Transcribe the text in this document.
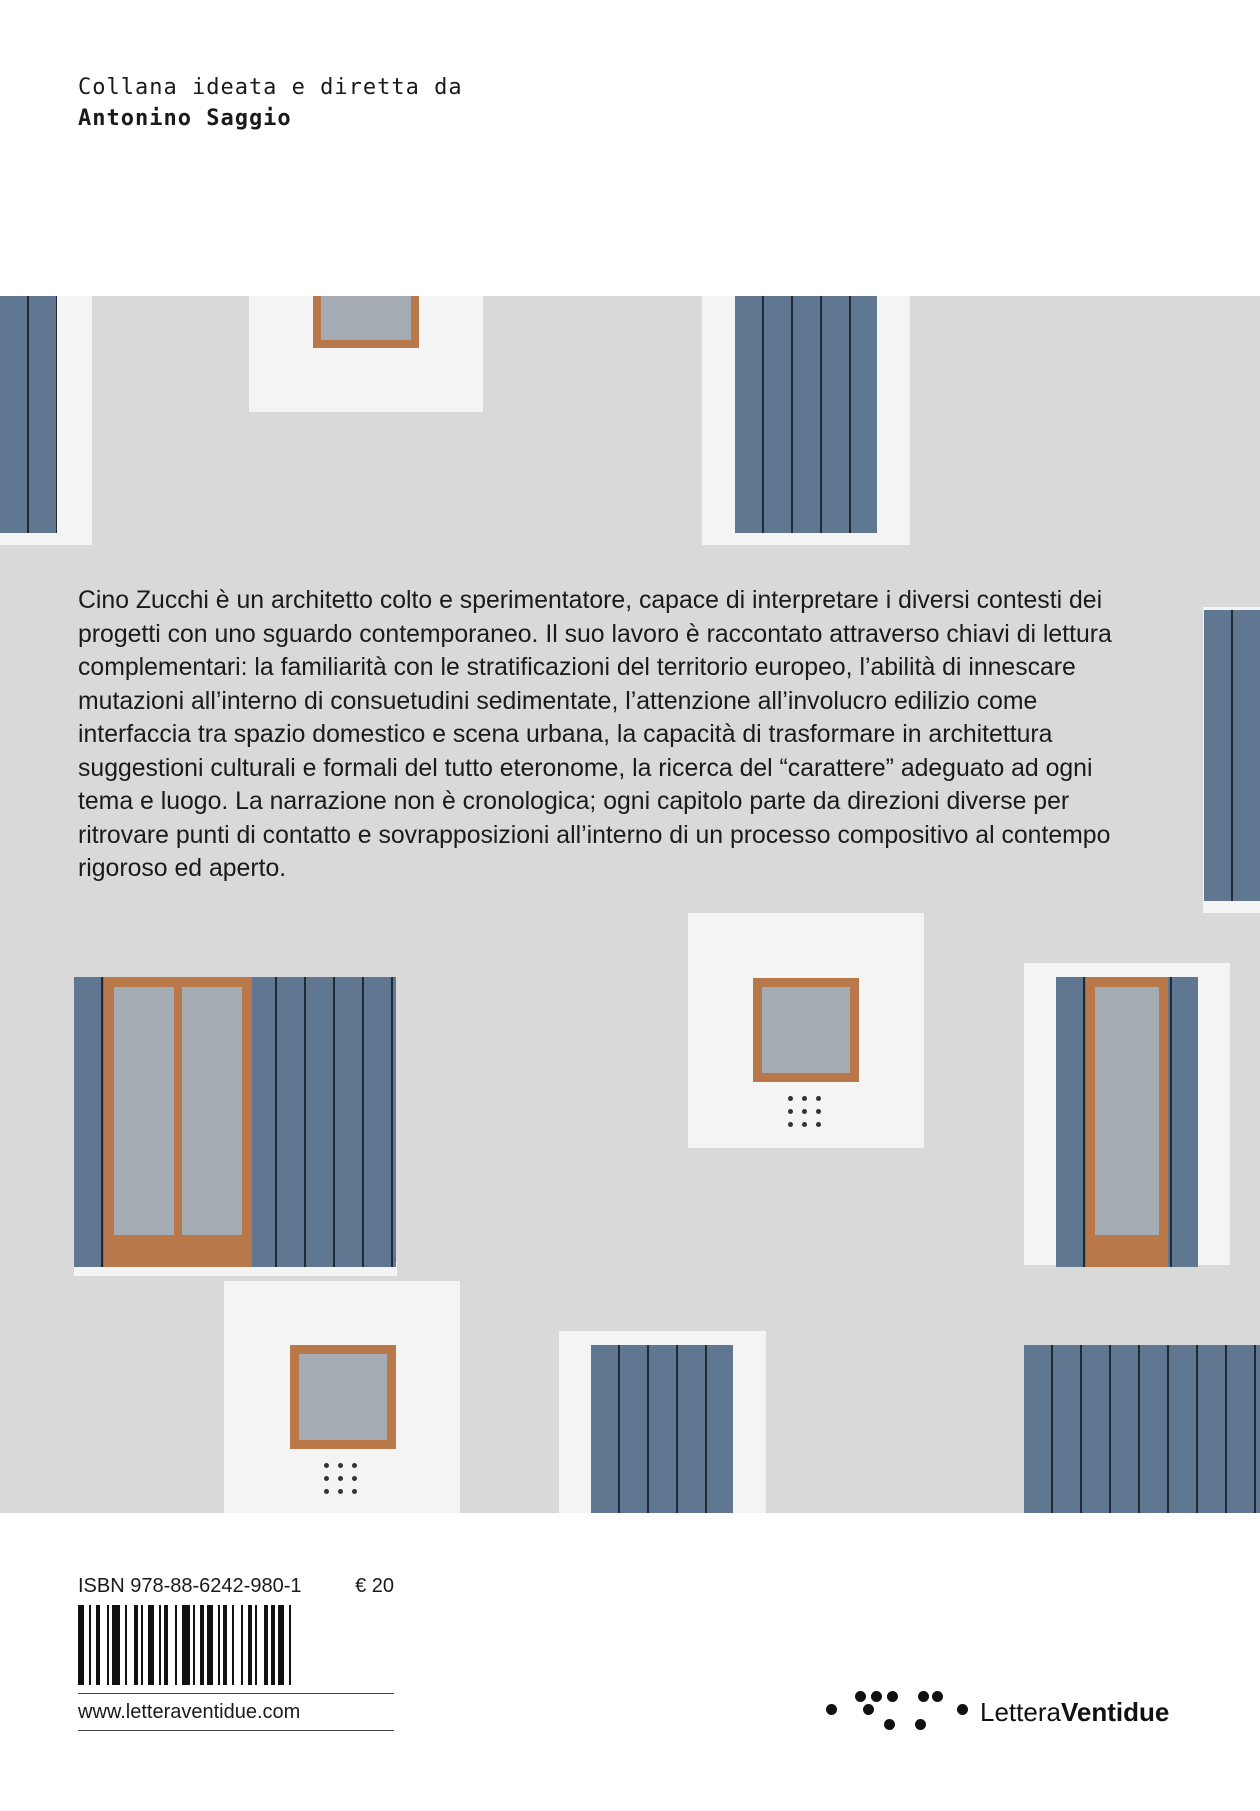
Collana ideata e diretta da
Antonino Saggio

Cino Zucchi è un architetto colto e sperimentatore, capace di interpretare i diversi contesti dei progetti con uno sguardo contemporaneo. Il suo lavoro è raccontato attraverso chiavi di lettura complementari: la familiarità con le stratificazioni del territorio europeo, l’abilità di innescare mutazioni all’interno di consuetudini sedimentate, l’attenzione all’involucro edilizio come interfaccia tra spazio domestico e scena urbana, la capacità di trasformare in architettura suggestioni culturali e formali del tutto eteronome, la ricerca del “carattere” adeguato ad ogni tema e luogo. La narrazione non è cronologica; ogni capitolo parte da direzioni diverse per ritrovare punti di contatto e sovrapposizioni all’interno di un processo compositivo al contempo rigoroso ed aperto.

ISBN 978-88-6242-980-1	€ 20
www.letteraventidue.com	LetteraVentidue
